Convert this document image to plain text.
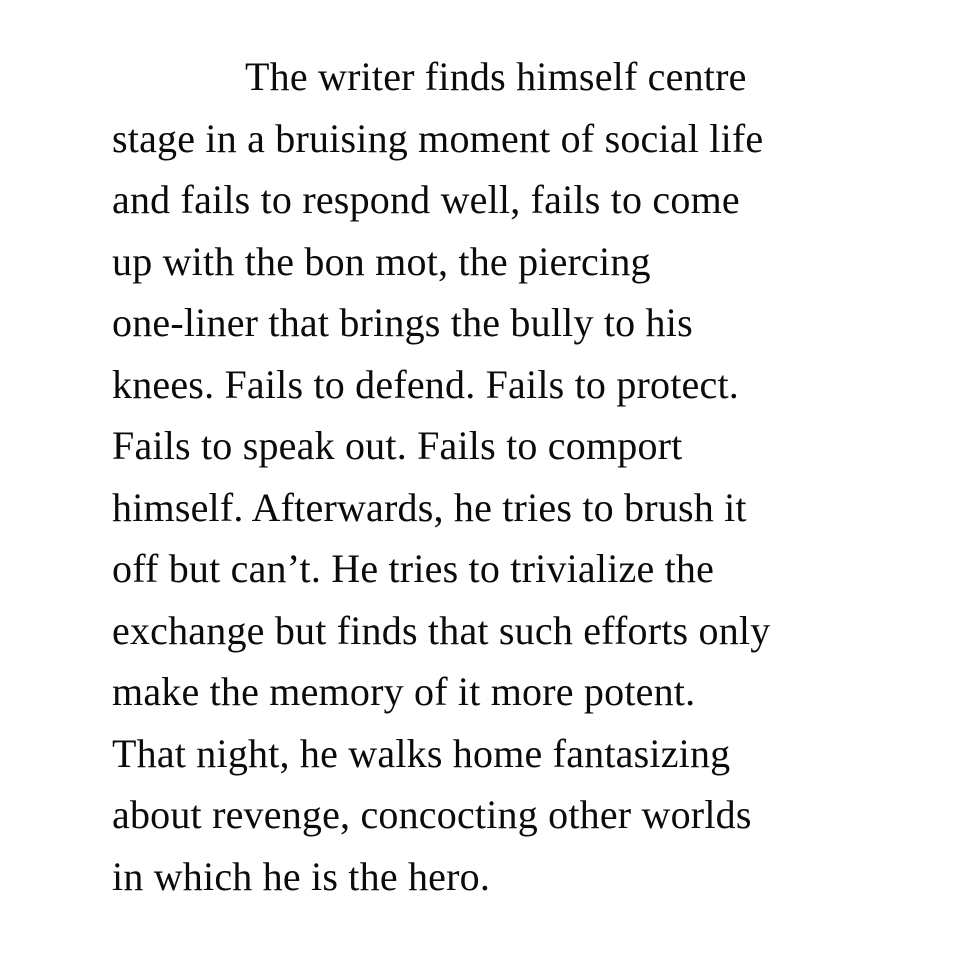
The writer finds himself centre
stage in a bruising moment of social life
and fails to respond well, fails to come
up with the bon mot, the piercing
one-liner that brings the bully to his
knees. Fails to defend. Fails to protect.
Fails to speak out. Fails to comport
himself. Afterwards, he tries to brush it
off but can’t. He tries to trivialize the
exchange but finds that such efforts only
make the memory of it more potent.
That night, he walks home fantasizing
about revenge, concocting other worlds
in which he is the hero.
